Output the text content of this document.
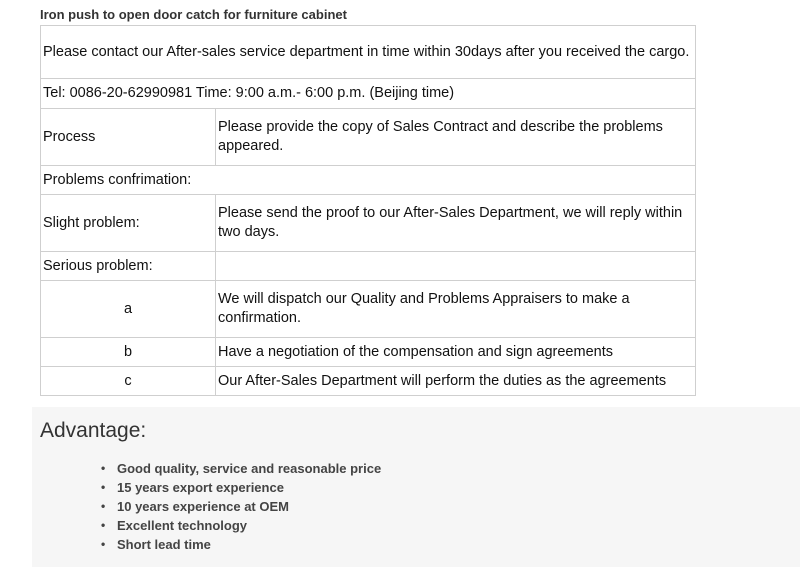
Iron push to open door catch for furniture cabinet
Please contact our After-sales service department in time within 30days after you received the cargo.	
Tel: 0086-20-62990981 Time: 9:00 a.m.- 6:00 p.m. (Beijing time)	
Process	Please provide the copy of Sales Contract and describe the problems appeared.
Problems confrimation:	
Slight problem:	Please send the proof to our After-Sales Department, we will reply within two days.
Serious problem:	
a	We will dispatch our Quality and Problems Appraisers to make a confirmation.
b	Have a negotiation of the compensation and sign agreements
c	Our After-Sales Department will perform the duties as the agreements
Advantage:
• Good quality, service and reasonable price
• 15 years export experience
• 10 years experience at OEM
• Excellent technology
• Short lead time
